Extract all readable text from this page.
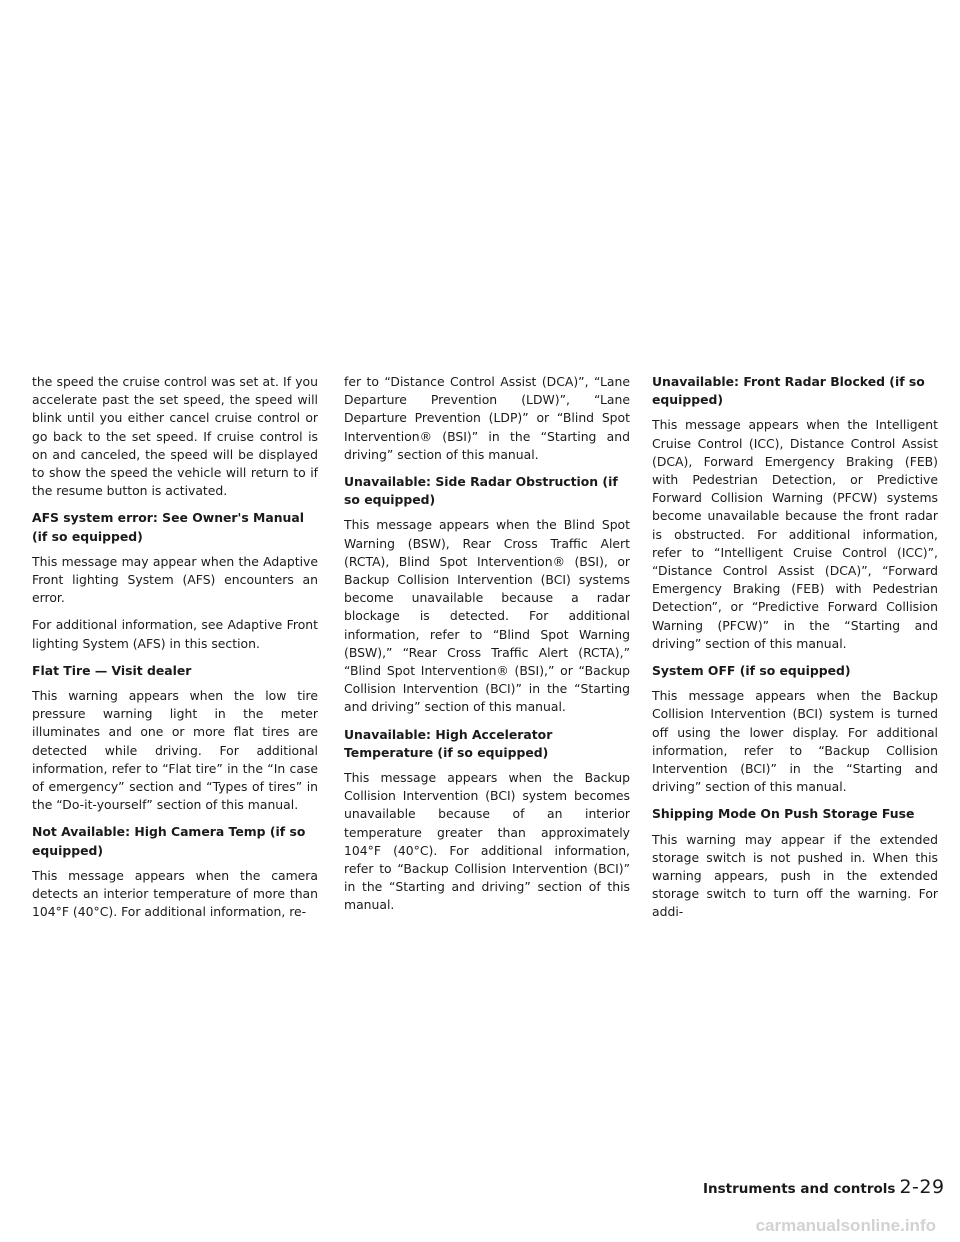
the speed the cruise control was set at. If you accelerate past the set speed, the speed will blink until you either cancel cruise control or go back to the set speed. If cruise control is on and canceled, the speed will be displayed to show the speed the vehicle will return to if the resume button is activated.

AFS system error: See Owner's Manual (if so equipped)

This message may appear when the Adaptive Front lighting System (AFS) encounters an error.

For additional information, see Adaptive Front lighting System (AFS) in this section.

Flat Tire — Visit dealer

This warning appears when the low tire pressure warning light in the meter illuminates and one or more flat tires are detected while driving. For additional information, refer to “Flat tire” in the “In case of emergency” section and “Types of tires” in the “Do-it-yourself” section of this manual.

Not Available: High Camera Temp (if so equipped)

This message appears when the camera detects an interior temperature of more than 104°F (40°C). For additional information, re-

fer to “Distance Control Assist (DCA)”, “Lane Departure Prevention (LDW)”, “Lane Departure Prevention (LDP)” or “Blind Spot Intervention® (BSI)” in the “Starting and driving” section of this manual.

Unavailable: Side Radar Obstruction (if so equipped)

This message appears when the Blind Spot Warning (BSW), Rear Cross Traffic Alert (RCTA), Blind Spot Intervention® (BSI), or Backup Collision Intervention (BCI) systems become unavailable because a radar blockage is detected. For additional information, refer to “Blind Spot Warning (BSW),” “Rear Cross Traffic Alert (RCTA),” “Blind Spot Intervention® (BSI),” or “Backup Collision Intervention (BCI)” in the “Starting and driving” section of this manual.

Unavailable: High Accelerator Temperature (if so equipped)

This message appears when the Backup Collision Intervention (BCI) system becomes unavailable because of an interior temperature greater than approximately 104°F (40°C). For additional information, refer to “Backup Collision Intervention (BCI)” in the “Starting and driving” section of this manual.

Unavailable: Front Radar Blocked (if so equipped)

This message appears when the Intelligent Cruise Control (ICC), Distance Control Assist (DCA), Forward Emergency Braking (FEB) with Pedestrian Detection, or Predictive Forward Collision Warning (PFCW) systems become unavailable because the front radar is obstructed. For additional information, refer to “Intelligent Cruise Control (ICC)”, “Distance Control Assist (DCA)”, “Forward Emergency Braking (FEB) with Pedestrian Detection”, or “Predictive Forward Collision Warning (PFCW)” in the “Starting and driving” section of this manual.

System OFF (if so equipped)

This message appears when the Backup Collision Intervention (BCI) system is turned off using the lower display. For additional information, refer to “Backup Collision Intervention (BCI)” in the “Starting and driving” section of this manual.

Shipping Mode On Push Storage Fuse

This warning may appear if the extended storage switch is not pushed in. When this warning appears, push in the extended storage switch to turn off the warning. For addi-

Instruments and controls 2-29
carmanualsonline.info
